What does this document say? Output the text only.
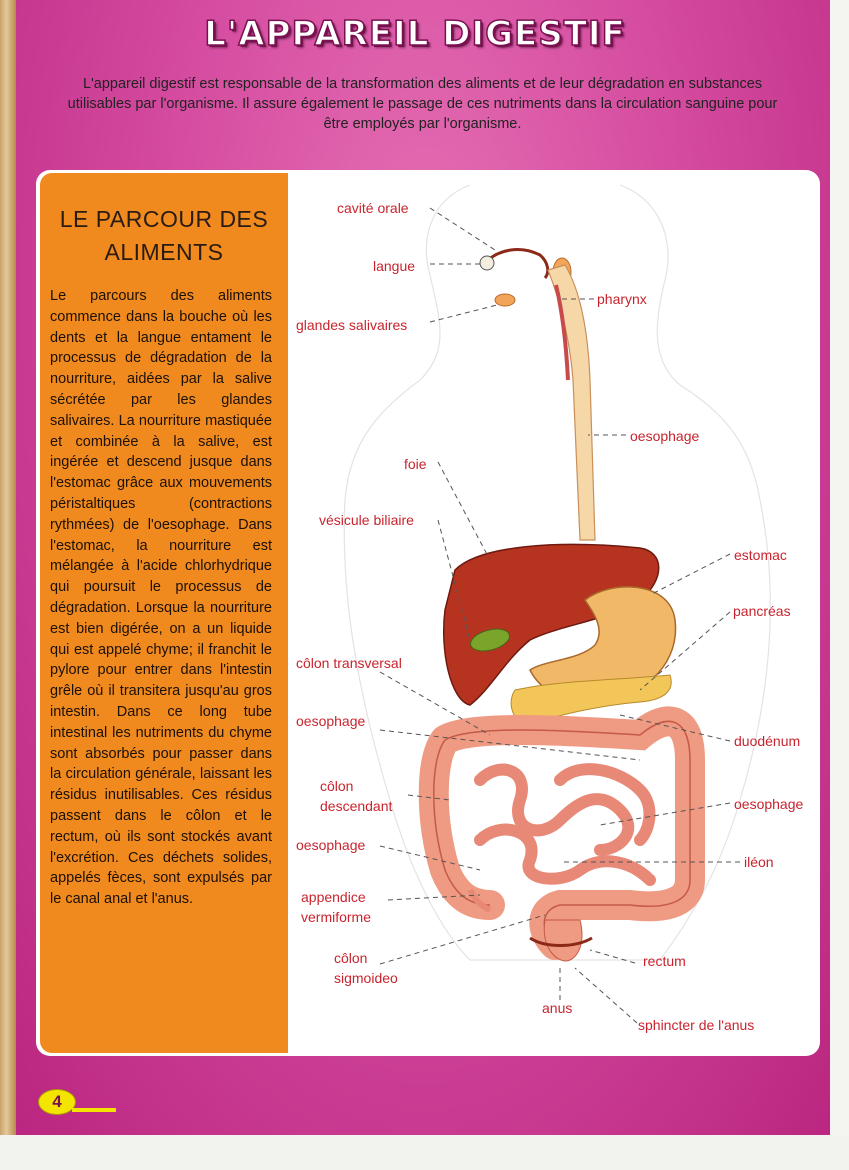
L'APPAREIL DIGESTIF
L'appareil digestif est responsable de la transformation des aliments et de leur dégradation en substances utilisables par l'organisme. Il assure également le passage de ces nutriments dans la circulation sanguine pour être employés par l'organisme.
LE PARCOUR DES
ALIMENTS
Le parcours des aliments commence dans la bouche où les dents et la langue entament le processus de dégradation de la nourriture, aidées par la salive sécrétée par les glandes salivaires. La nourriture mastiquée et combinée à la salive, est ingérée et descend jusque dans l'estomac grâce aux mouvements péristaltiques (contractions rythmées) de l'oesophage. Dans l'estomac, la nourriture est mélangée à l'acide chlorhydrique qui poursuit le processus de dégradation. Lorsque la nourriture est bien digérée, on a un liquide qui est appelé chyme; il franchit le pylore pour entrer dans l'intestin grêle où il transitera jusqu'au gros intestin. Dans ce long tube intestinal les nutriments du chyme sont absorbés pour passer dans la circulation générale, laissant les résidus inutilisables. Ces résidus passent dans le côlon et le rectum, où ils sont stockés avant l'excrétion. Ces déchets solides, appelés fèces, sont expulsés par le canal anal et l'anus.
cavité orale
langue
glandes salivaires
pharynx
oesophage
foie
vésicule biliaire
estomac
pancréas
côlon transversal
oesophage
duodénum
côlon
descendant	oesophage
oesophage
iléon
appendice
vermiforme
côlon
sigmoideo
rectum
anus
sphincter de l'anus
4
